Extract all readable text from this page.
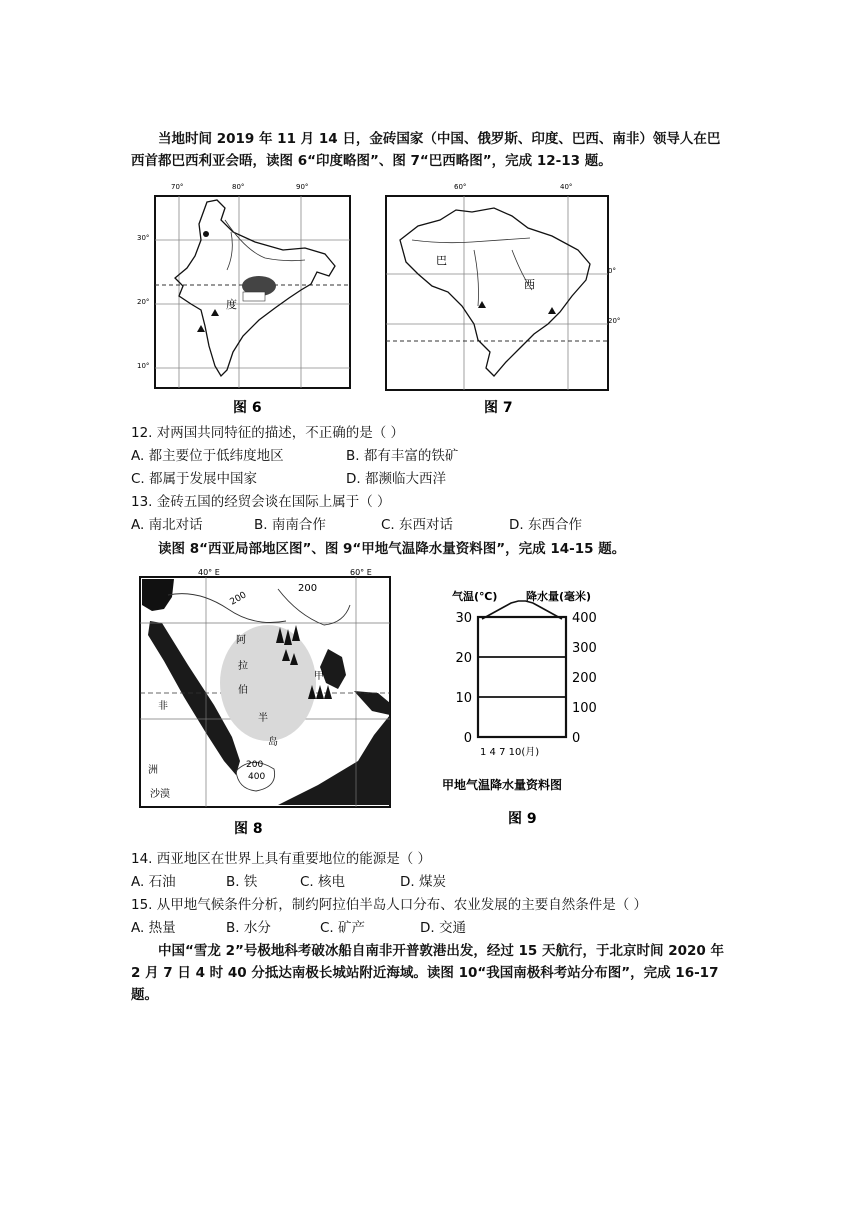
当地时间 2019 年 11 月 14 日，金砖国家（中国、俄罗斯、印度、巴西、南非）领导人在巴西首都巴西利亚会晤，读图 6“印度略图”、图 7“巴西略图”，完成 12-13 题。
70°	80°	90°
30°
20°
10°
度
图 6
60°	40°
0°
20°
巴
西
图 7
12. 对两国共同特征的描述，不正确的是（ ）
A. 都主要位于低纬度地区	B. 都有丰富的铁矿
C. 都属于发展中国家	D. 都濒临大西洋
13. 金砖五国的经贸会谈在国际上属于（ ）
A. 南北对话	B. 南南合作	C. 东西对话	D. 东西合作
读图 8“西亚局部地区图”、图 9“甲地气温降水量资料图”，完成 14-15 题。
40° E	60° E
200
200
200
400
阿
拉
伯
半
岛
非
洲
沙漠
甲
图 8
气温(℃)	降水量(毫米)
0
10
20
30
0
100
200
300
400
1 4 7 10(月)
甲地气温降水量资料图
图 9
14. 西亚地区在世界上具有重要地位的能源是（ ）
A. 石油	B. 铁	C. 核电	D. 煤炭
15. 从甲地气候条件分析，制约阿拉伯半岛人口分布、农业发展的主要自然条件是（ ）
A. 热量	B. 水分	C. 矿产	D. 交通
中国“雪龙 2”号极地科考破冰船自南非开普敦港出发，经过 15 天航行，于北京时间 2020 年 2 月 7 日 4 时 40 分抵达南极长城站附近海域。读图 10“我国南极科考站分布图”，完成 16-17 题。
